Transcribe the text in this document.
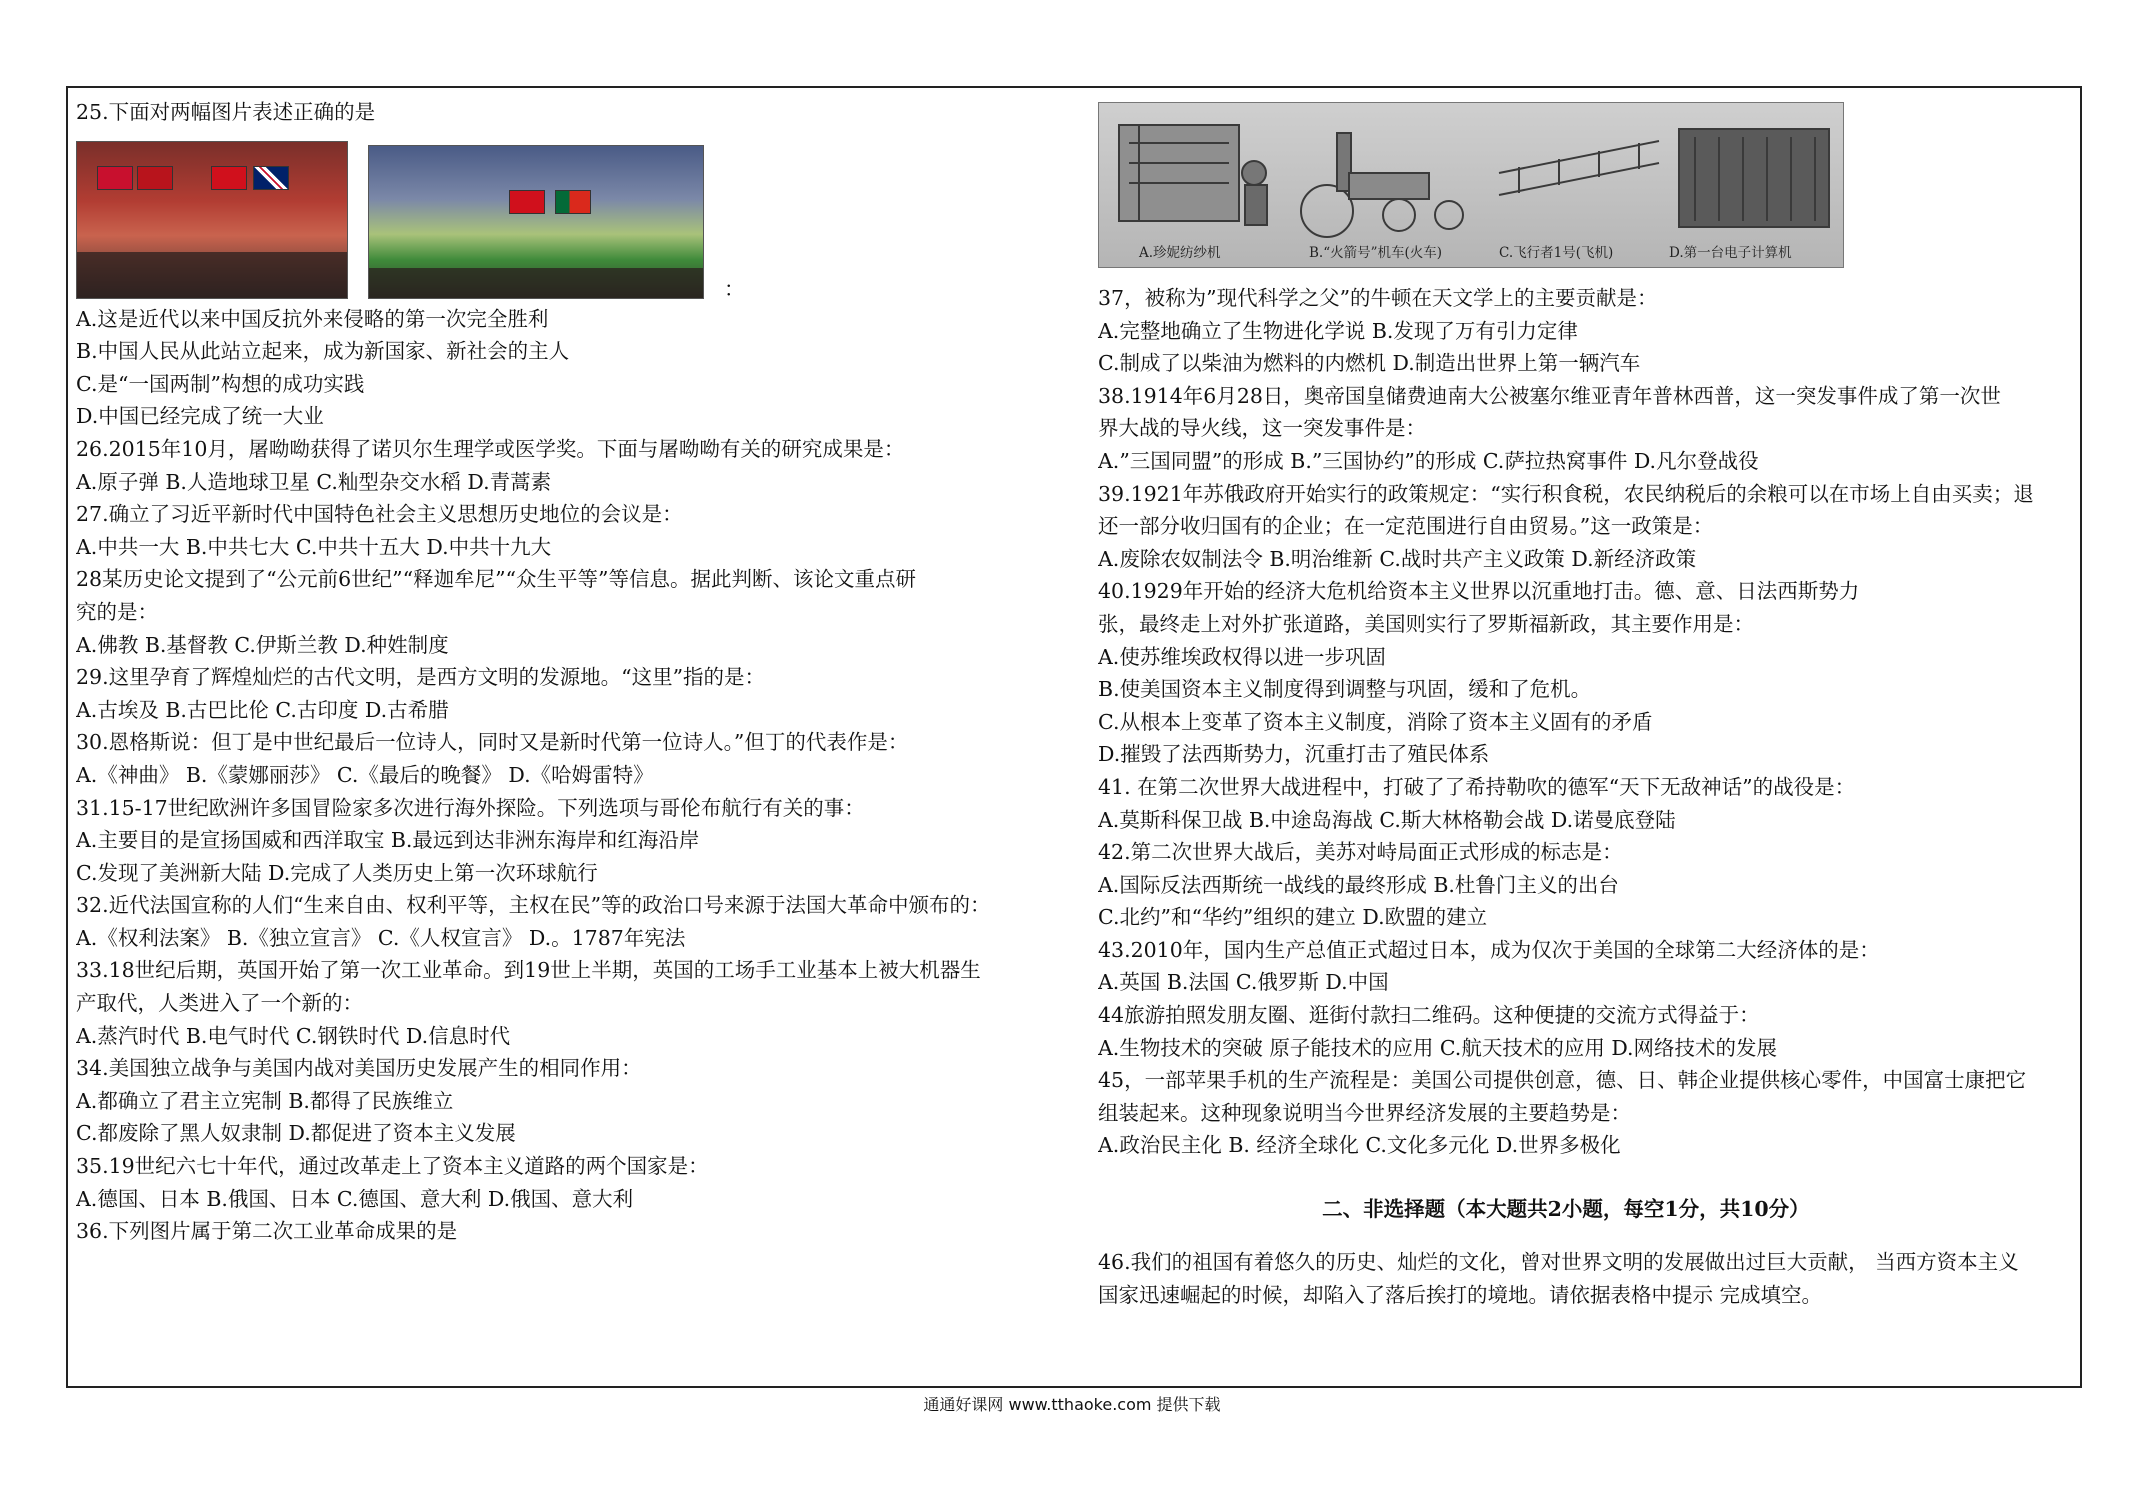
25.下面对两幅图片表述正确的是
：
A.这是近代以来中国反抗外来侵略的第一次完全胜利
B.中国人民从此站立起来，成为新国家、新社会的主人
C.是“一国两制”构想的成功实践
D.中国已经完成了统一大业
26.2015年10月，屠呦呦获得了诺贝尔生理学或医学奖。下面与屠呦呦有关的研究成果是：
A.原子弹 B.人造地球卫星 C.籼型杂交水稻 D.青蒿素
27.确立了习近平新时代中国特色社会主义思想历史地位的会议是：
A.中共一大 B.中共七大 C.中共十五大 D.中共十九大
28某历史论文提到了“公元前6世纪”“释迦牟尼”“众生平等”等信息。据此判断、该论文重点研
究的是：
A.佛教 B.基督教 C.伊斯兰教 D.种姓制度
29.这里孕育了辉煌灿烂的古代文明，是西方文明的发源地。“这里”指的是：
A.古埃及 B.古巴比伦 C.古印度 D.古希腊
30.恩格斯说：但丁是中世纪最后一位诗人，同时又是新时代第一位诗人。”但丁的代表作是：
A.《神曲》 B.《蒙娜丽莎》 C.《最后的晚餐》 D.《哈姆雷特》
31.15-17世纪欧洲许多国冒险家多次进行海外探险。下列选项与哥伦布航行有关的事：
A.主要目的是宣扬国威和西洋取宝 B.最远到达非洲东海岸和红海沿岸
C.发现了美洲新大陆 D.完成了人类历史上第一次环球航行
32.近代法国宣称的人们“生来自由、权利平等，主权在民”等的政治口号来源于法国大革命中颁布的：
A.《权利法案》 B.《独立宣言》 C.《人权宣言》 D.。1787年宪法
33.18世纪后期，英国开始了第一次工业革命。到19世上半期，英国的工场手工业基本上被大机器生
产取代，人类进入了一个新的：
A.蒸汽时代 B.电气时代 C.钢铁时代 D.信息时代
34.美国独立战争与美国内战对美国历史发展产生的相同作用：
A.都确立了君主立宪制 B.都得了民族维立
C.都废除了黑人奴隶制 D.都促进了资本主义发展
35.19世纪六七十年代，通过改革走上了资本主义道路的两个国家是：
A.德国、日本 B.俄国、日本 C.德国、意大利 D.俄国、意大利
36.下列图片属于第二次工业革命成果的是
A.珍妮纺纱机	B.“火箭号”机车(火车)	C.飞行者1号(飞机)	D.第一台电子计算机
37，被称为”现代科学之父”的牛顿在天文学上的主要贡献是：
A.完整地确立了生物进化学说 B.发现了万有引力定律
C.制成了以柴油为燃料的内燃机 D.制造出世界上第一辆汽车
38.1914年6月28日，奥帝国皇储费迪南大公被塞尔维亚青年普林西普，这一突发事件成了第一次世
界大战的导火线，这一突发事件是：
A.”三国同盟”的形成 B.”三国协约”的形成 C.萨拉热窝事件 D.凡尔登战役
39.1921年苏俄政府开始实行的政策规定：“实行积食税，农民纳税后的余粮可以在市场上自由买卖；退
还一部分收归国有的企业；在一定范围进行自由贸易。”这一政策是：
A.废除农奴制法令 B.明治维新 C.战时共产主义政策 D.新经济政策
40.1929年开始的经济大危机给资本主义世界以沉重地打击。德、意、日法西斯势力
张，最终走上对外扩张道路，美国则实行了罗斯福新政，其主要作用是：
A.使苏维埃政权得以进一步巩固
B.使美国资本主义制度得到调整与巩固，缓和了危机。
C.从根本上变革了资本主义制度，消除了资本主义固有的矛盾
D.摧毁了法西斯势力，沉重打击了殖民体系
41. 在第二次世界大战进程中，打破了了希持勒吹的德军“天下无敌神话”的战役是：
A.莫斯科保卫战 B.中途岛海战 C.斯大林格勒会战 D.诺曼底登陆
42.第二次世界大战后，美苏对峙局面正式形成的标志是：
A.国际反法西斯统一战线的最终形成 B.杜鲁门主义的出台
C.北约”和“华约”组织的建立 D.欧盟的建立
43.2010年，国内生产总值正式超过日本，成为仅次于美国的全球第二大经济体的是：
A.英国 B.法国 C.俄罗斯 D.中国
44旅游拍照发朋友圈、逛街付款扫二维码。这种便捷的交流方式得益于：
A.生物技术的突破 原子能技术的应用 C.航天技术的应用 D.网络技术的发展
45，一部苹果手机的生产流程是：美国公司提供创意，德、日、韩企业提供核心零件，中国富士康把它
组装起来。这种现象说明当今世界经济发展的主要趋势是：
A.政治民主化 B. 经济全球化 C.文化多元化 D.世界多极化
二、非选择题（本大题共2小题，每空1分，共10分）
46.我们的祖国有着悠久的历史、灿烂的文化，曾对世界文明的发展做出过巨大贡献， 当西方资本主义
国家迅速崛起的时候，却陷入了落后挨打的境地。请依据表格中提示 完成填空。
通通好课网 www.tthaoke.com 提供下载
